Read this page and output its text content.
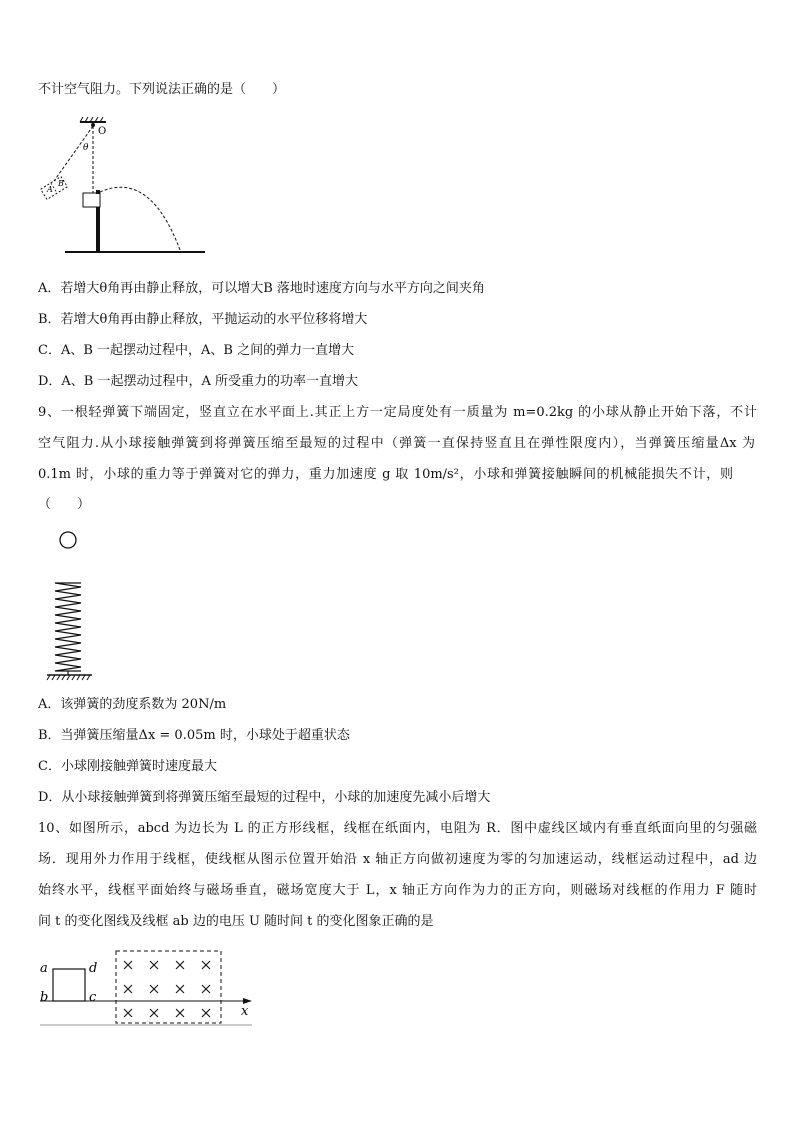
不计空气阻力。下列说法正确的是（　　）
O
θ
A
B
A．若增大θ角再由静止释放，可以增大B 落地时速度方向与水平方向之间夹角
B．若增大θ角再由静止释放，平抛运动的水平位移将增大
C．A、B 一起摆动过程中，A、B 之间的弹力一直增大
D．A、B 一起摆动过程中，A 所受重力的功率一直增大
9、一根轻弹簧下端固定，竖直立在水平面上.其正上方一定局度处有一质量为 m=0.2kg 的小球从静止开始下落，不计
空气阻力.从小球接触弹簧到将弹簧压缩至最短的过程中（弹簧一直保持竖直且在弹性限度内），当弹簧压缩量Δx 为
0.1m 时，小球的重力等于弹簧对它的弹力，重力加速度 g 取 10m/s²，小球和弹簧接触瞬间的机械能损失不计，则
（　　）
A．该弹簧的劲度系数为 20N/m
B．当弹簧压缩量Δx = 0.05m 时，小球处于超重状态
C．小球刚接触弹簧时速度最大
D．从小球接触弹簧到将弹簧压缩至最短的过程中，小球的加速度先减小后增大
10、如图所示，abcd 为边长为 L 的正方形线框，线框在纸面内，电阻为 R．图中虚线区域内有垂直纸面向里的匀强磁
场．现用外力作用于线框，使线框从图示位置开始沿 x 轴正方向做初速度为零的匀加速运动，线框运动过程中，ad 边
始终水平，线框平面始终与磁场垂直，磁场宽度大于 L，x 轴正方向作为力的正方向，则磁场对线框的作用力 F 随时
间 t 的变化图线及线框 ab 边的电压 U 随时间 t 的变化图象正确的是
a	d
b	c
x
